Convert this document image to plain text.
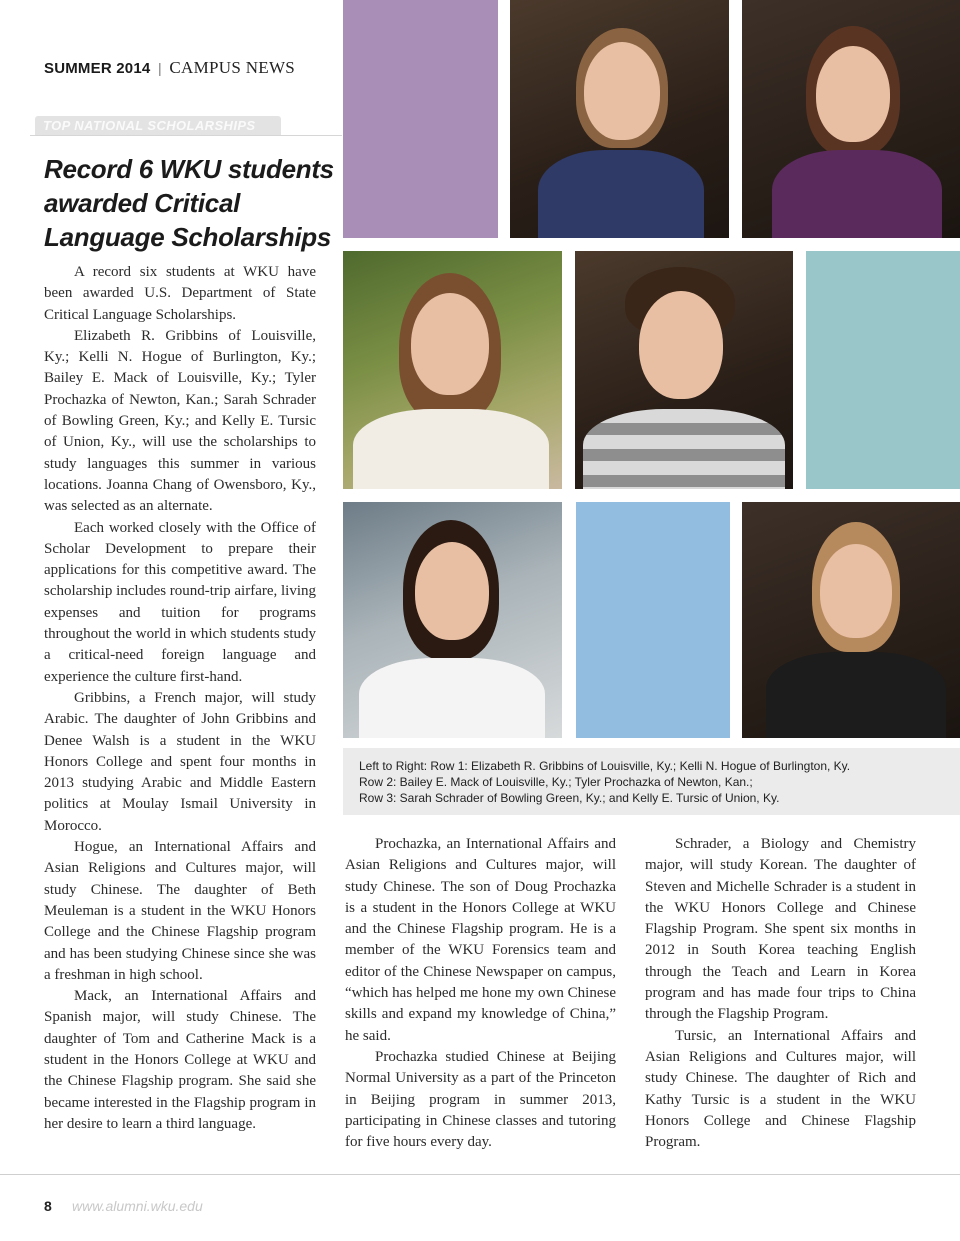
SUMMER 2014 | CAMPUS NEWS
TOP NATIONAL SCHOLARSHIPS
Record 6 WKU students awarded Critical Language Scholarships

A record six students at WKU have been awarded U.S. Department of State Critical Language Scholarships.

Elizabeth R. Gribbins of Louisville, Ky.; Kelli N. Hogue of Burlington, Ky.; Bailey E. Mack of Louisville, Ky.; Tyler Prochazka of Newton, Kan.; Sarah Schrader of Bowling Green, Ky.; and Kelly E. Tursic of Union, Ky., will use the scholarships to study languages this summer in various locations. Joanna Chang of Owensboro, Ky., was selected as an alternate.

Each worked closely with the Office of Scholar Development to prepare their applications for this competitive award. The scholarship includes round-trip airfare, living expenses and tuition for programs throughout the world in which students study a critical-need foreign language and experience the culture first-hand.

Gribbins, a French major, will study Arabic. The daughter of John Gribbins and Denee Walsh is a student in the WKU Honors College and spent four months in 2013 studying Arabic and Middle Eastern politics at Moulay Ismail University in Morocco.

Hogue, an International Affairs and Asian Religions and Cultures major, will study Chinese. The daughter of Beth Meuleman is a student in the WKU Honors College and the Chinese Flagship program and has been studying Chinese since she was a freshman in high school.

Mack, an International Affairs and Spanish major, will study Chinese. The daughter of Tom and Catherine Mack is a student in the Honors College at WKU and the Chinese Flagship program. She said she became interested in the Flagship program in her desire to learn a third language.

Left to Right: Row 1: Elizabeth R. Gribbins of Louisville, Ky.; Kelli N. Hogue of Burlington, Ky.
Row 2: Bailey E. Mack of Louisville, Ky.; Tyler Prochazka of Newton, Kan.;
Row 3: Sarah Schrader of Bowling Green, Ky.; and Kelly E. Tursic of Union, Ky.

Prochazka, an International Affairs and Asian Religions and Cultures major, will study Chinese. The son of Doug Prochazka is a student in the Honors College at WKU and the Chinese Flagship program. He is a member of the WKU Forensics team and editor of the Chinese Newspaper on campus, “which has helped me hone my own Chinese skills and expand my knowledge of China,” he said.

Prochazka studied Chinese at Beijing Normal University as a part of the Princeton in Beijing program in summer 2013, participating in Chinese classes and tutoring for five hours every day.

Schrader, a Biology and Chemistry major, will study Korean. The daughter of Steven and Michelle Schrader is a student in the WKU Honors College and Chinese Flagship Program. She spent six months in 2012 in South Korea teaching English through the Teach and Learn in Korea program and has made four trips to China through the Flagship Program.

Tursic, an International Affairs and Asian Religions and Cultures major, will study Chinese. The daughter of Rich and Kathy Tursic is a student in the WKU Honors College and Chinese Flagship Program.

8 www.alumni.wku.edu
